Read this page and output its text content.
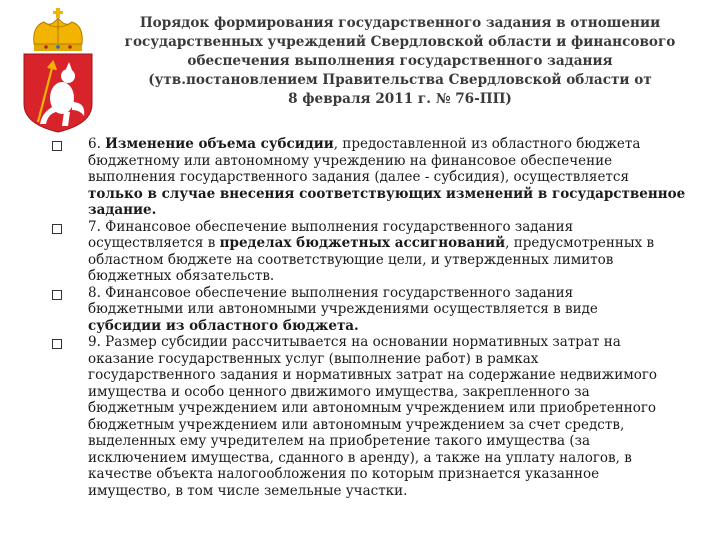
Порядок формирования государственного задания в отношении
государственных учреждений Свердловской области и финансового
обеспечения выполнения государственного задания
(утв.постановлением Правительства Свердловской области от
8 февраля 2011 г. № 76-ПП)
6. Изменение объема субсидии, предоставленной из областного бюджета
бюджетному или автономному учреждению на финансовое обеспечение
выполнения государственного задания (далее - субсидия), осуществляется
только в случае внесения соответствующих изменений в государственное
задание.
7. Финансовое обеспечение выполнения государственного задания
осуществляется в пределах бюджетных ассигнований, предусмотренных в
областном бюджете на соответствующие цели, и утвержденных лимитов
бюджетных обязательств.
8. Финансовое обеспечение выполнения государственного задания
бюджетными или автономными учреждениями осуществляется в виде
субсидии из областного бюджета.
9. Размер субсидии рассчитывается на основании нормативных затрат на
оказание государственных услуг (выполнение работ) в рамках
государственного задания и нормативных затрат на содержание недвижимого
имущества и особо ценного движимого имущества, закрепленного за
бюджетным учреждением или автономным учреждением или приобретенного
бюджетным учреждением или автономным учреждением за счет средств,
выделенных ему учредителем на приобретение такого имущества (за
исключением имущества, сданного в аренду), а также на уплату налогов, в
качестве объекта налогообложения по которым признается указанное
имущество, в том числе земельные участки.
